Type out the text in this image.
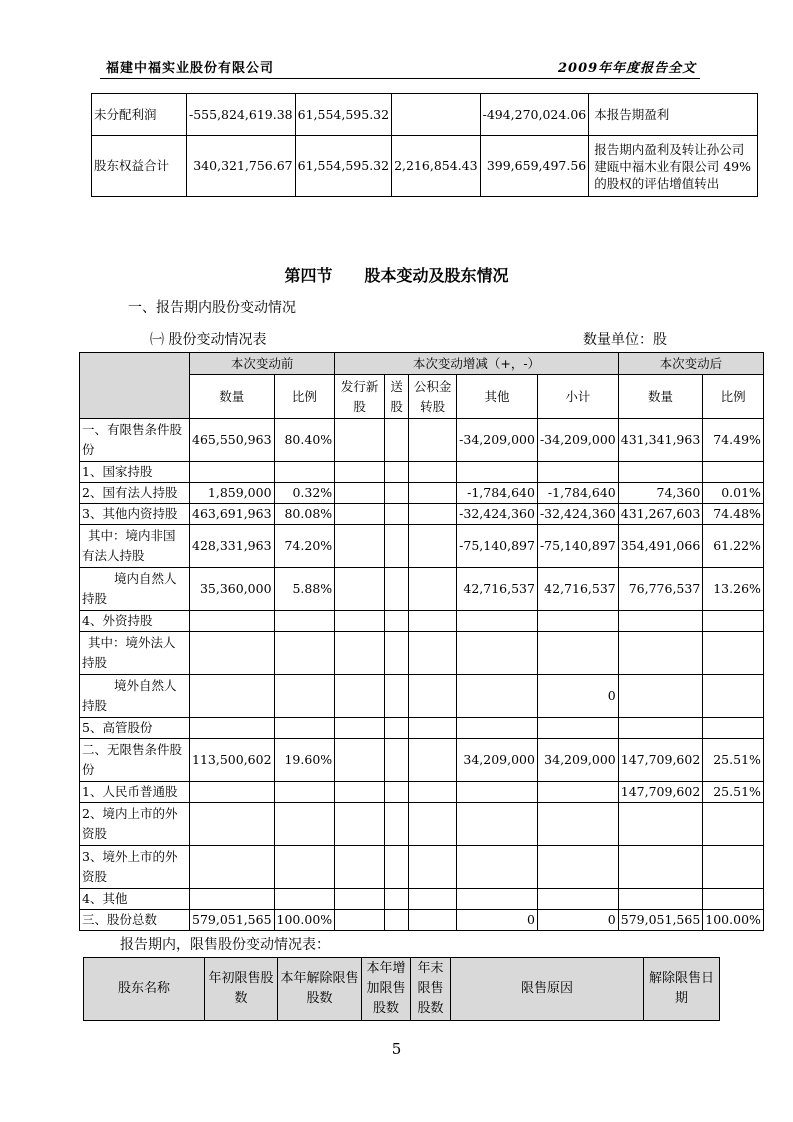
福建中福实业股份有限公司	2009年年度报告全文
未分配利润	-555,824,619.38	61,554,595.32		-494,270,024.06	本报告期盈利
股东权益合计	340,321,756.67	61,554,595.32	2,216,854.43	399,659,497.56	报告期内盈利及转让孙公司建瓯中福木业有限公司 49%的股权的评估增值转出
第四节　　股本变动及股东情况
一、报告期内股份变动情况
㈠ 股份变动情况表	数量单位：股
	本次变动前		本次变动增减（+，-）					本次变动后	
	数量	比例	发行新股	送股	公积金转股	其他	小计	数量	比例
一、有限售条件股份	465,550,963	80.40%				-34,209,000	-34,209,000	431,341,963	74.49%
1、国家持股									
2、国有法人持股	1,859,000	0.32%				-1,784,640	-1,784,640	74,360	0.01%
3、其他内资持股	463,691,963	80.08%				-32,424,360	-32,424,360	431,267,603	74.48%
其中：境内非国有法人持股	428,331,963	74.20%				-75,140,897	-75,140,897	354,491,066	61.22%
境内自然人持股	35,360,000	5.88%				42,716,537	42,716,537	76,776,537	13.26%
4、外资持股									
其中：境外法人持股									
境外自然人持股							0		
5、高管股份									
二、无限售条件股份	113,500,602	19.60%				34,209,000	34,209,000	147,709,602	25.51%
1、人民币普通股								147,709,602	25.51%
2、境内上市的外资股									
3、境外上市的外资股									
4、其他									
三、股份总数	579,051,565	100.00%				0	0	579,051,565	100.00%
报告期内，限售股份变动情况表：
股东名称	年初限售股数	本年解除限售股数	本年增加限售股数	年末限售股数	限售原因	解除限售日期
5
